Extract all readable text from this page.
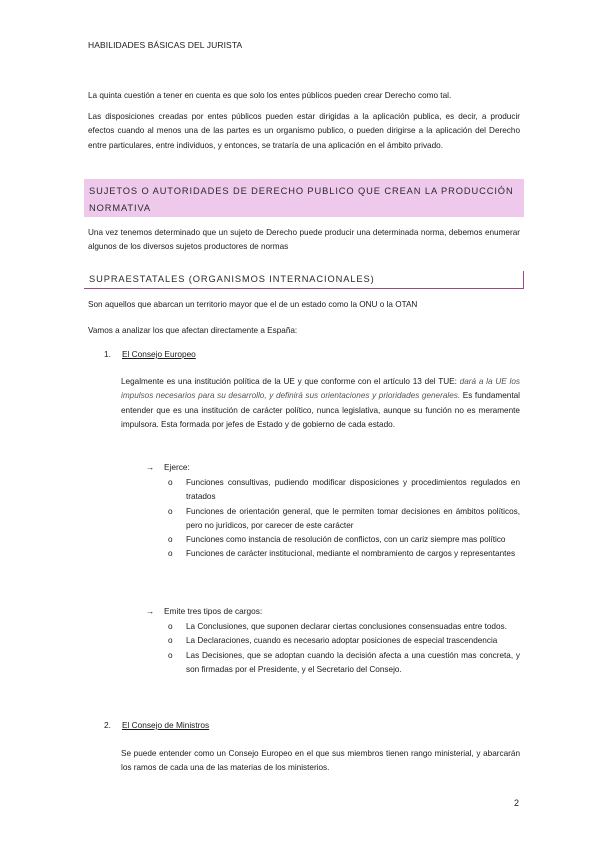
HABILIDADES BÁSICAS DEL JURISTA
La quinta cuestión a tener en cuenta es que solo los entes públicos pueden crear Derecho como tal.
Las disposiciones creadas por entes públicos pueden estar dirigidas a la aplicación publica, es decir, a producir efectos cuando al menos una de las partes es un organismo publico, o pueden dirigirse a la aplicación del Derecho entre particulares, entre individuos, y entonces, se trataría de una aplicación en el ámbito privado.
SUJETOS O AUTORIDADES DE DERECHO PUBLICO QUE CREAN LA PRODUCCIÓN NORMATIVA
Una vez tenemos determinado que un sujeto de Derecho puede producir una determinada norma, debemos enumerar algunos de los diversos sujetos productores de normas
SUPRAESTATALES (ORGANISMOS INTERNACIONALES)
Son aquellos que abarcan un territorio mayor que el de un estado como la ONU o la OTAN
Vamos a analizar los que afectan directamente a España:
1. El Consejo Europeo
Legalmente es una institución política de la UE y que conforme con el artículo 13 del TUE: dará a la UE los impulsos necesarios para su desarrollo, y definirá sus orientaciones y prioridades generales. Es fundamental entender que es una institución de carácter político, nunca legislativa, aunque su función no es meramente impulsora. Esta formada por jefes de Estado y de gobierno de cada estado.
→ Ejerce:
o Funciones consultivas, pudiendo modificar disposiciones y procedimientos regulados en tratados
o Funciones de orientación general, que le permiten tomar decisiones en ámbitos políticos, pero no jurídicos, por carecer de este carácter
o Funciones como instancia de resolución de conflictos, con un cariz siempre mas político
o Funciones de carácter institucional, mediante el nombramiento de cargos y representantes
→ Emite tres tipos de cargos:
o La Conclusiones, que suponen declarar ciertas conclusiones consensuadas entre todos.
o La Declaraciones, cuando es necesario adoptar posiciones de especial trascendencia
o Las Decisiones, que se adoptan cuando la decisión afecta a una cuestión mas concreta, y son firmadas por el Presidente, y el Secretario del Consejo.
2. El Consejo de Ministros
Se puede entender como un Consejo Europeo en el que sus miembros tienen rango ministerial, y abarcarán los ramos de cada una de las materias de los ministerios.
2
